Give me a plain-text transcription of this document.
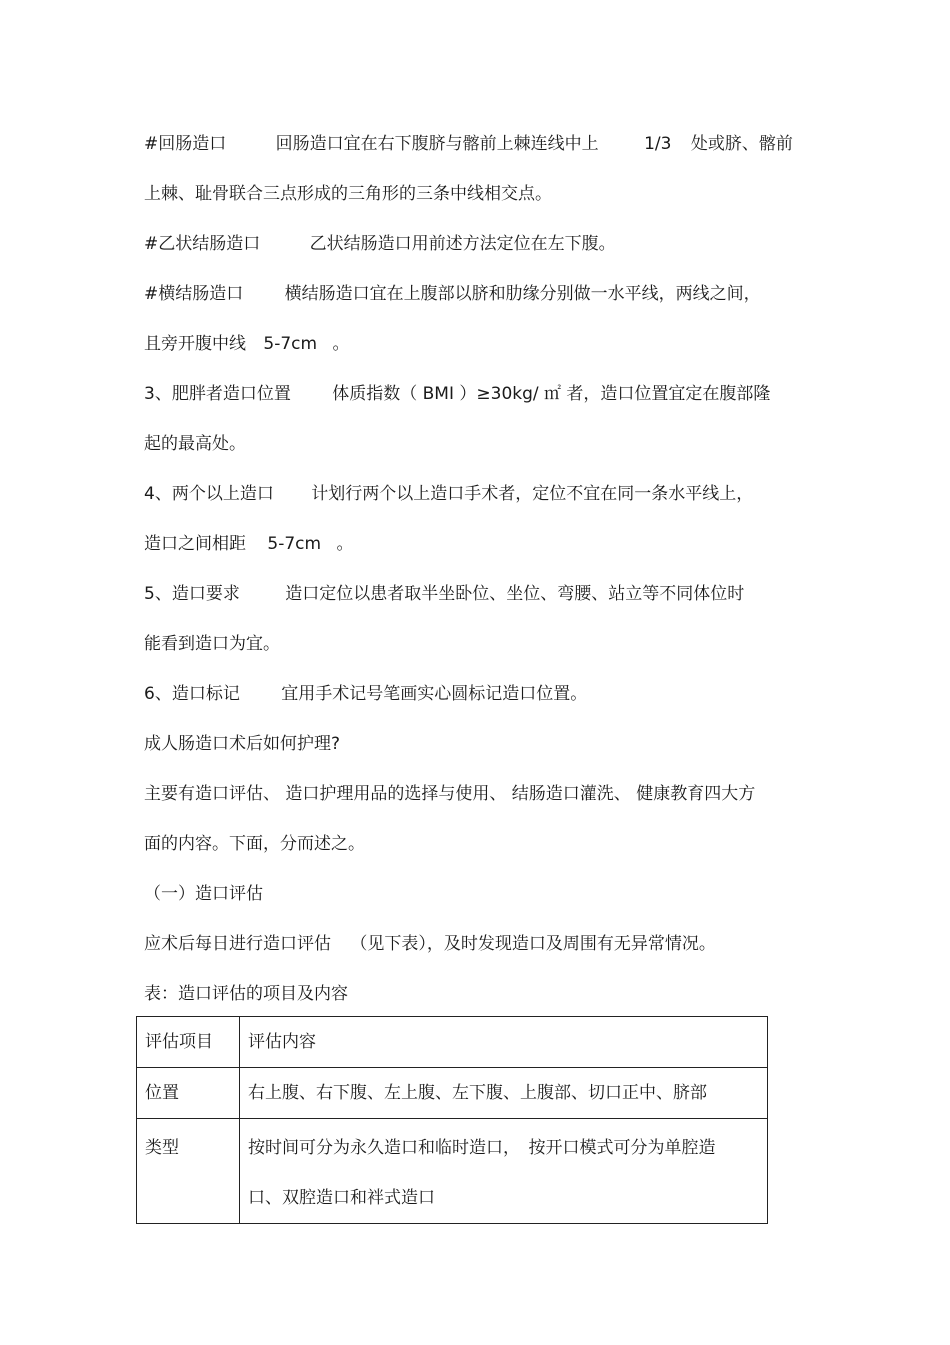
#回肠造口	回肠造口宜在右下腹脐与髂前上棘连线中上	1/3 处或脐、髂前
上棘、耻骨联合三点形成的三角形的三条中线相交点。
#乙状结肠造口	乙状结肠造口用前述方法定位在左下腹。
#横结肠造口 横结肠造口宜在上腹部以脐和肋缘分别做一水平线，两线之间，
且旁开腹中线 5-7cm 。
3、肥胖者造口位置 体质指数（ BMI ）≥30kg/ ㎡ 者，造口位置宜定在腹部隆
起的最高处。
4、两个以上造口 计划行两个以上造口手术者，定位不宜在同一条水平线上，
造口之间相距 5-7cm 。
5、造口要求	造口定位以患者取半坐卧位、坐位、弯腰、站立等不同体位时
能看到造口为宜。
6、造口标记 宜用手术记号笔画实心圆标记造口位置。
成人肠造口术后如何护理?
主要有造口评估、 造口护理用品的选择与使用、 结肠造口灌洗、 健康教育四大方
面的内容。下面，分而述之。
（一）造口评估
应术后每日进行造口评估 （见下表），及时发现造口及周围有无异常情况。
表：造口评估的项目及内容
评估项目	评估内容
位置	右上腹、右下腹、左上腹、左下腹、上腹部、切口正中、脐部

类型	按时间可分为永久造口和临时造口，　按开口模式可分为单腔造
口、双腔造口和袢式造口
